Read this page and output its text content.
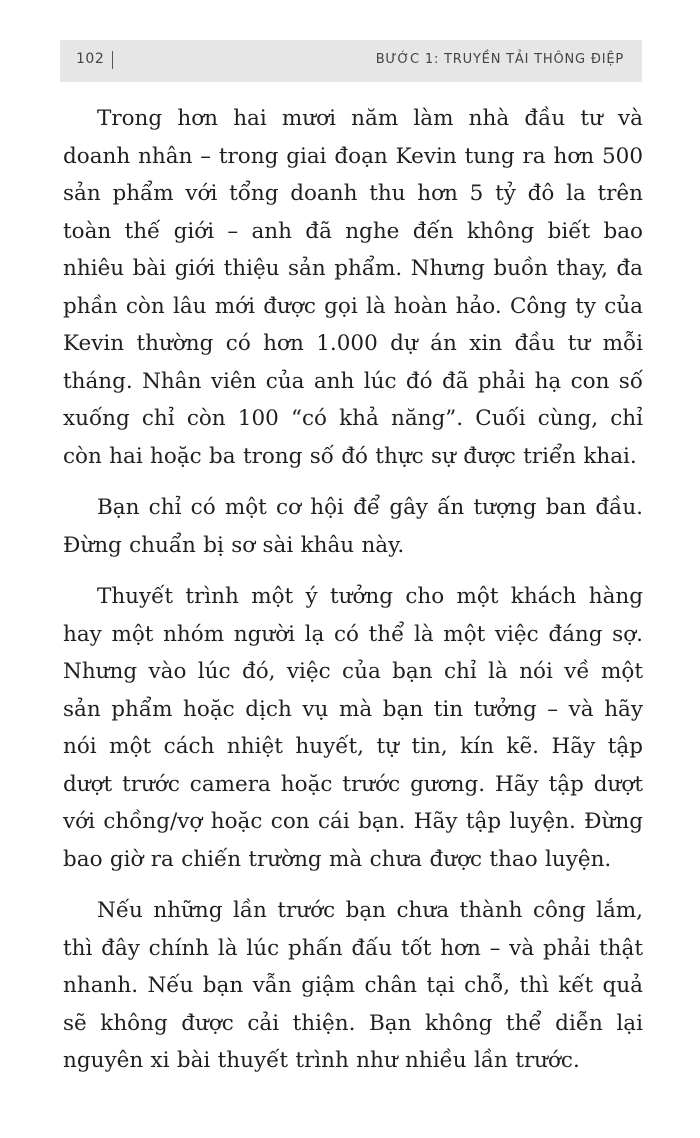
102	BƯỚC 1: TRUYỀN TẢI THÔNG ĐIỆP

Trong hơn hai mươi năm làm nhà đầu tư và doanh nhân – trong giai đoạn Kevin tung ra hơn 500 sản phẩm với tổng doanh thu hơn 5 tỷ đô la trên toàn thế giới – anh đã nghe đến không biết bao nhiêu bài giới thiệu sản phẩm. Nhưng buồn thay, đa phần còn lâu mới được gọi là hoàn hảo. Công ty của Kevin thường có hơn 1.000 dự án xin đầu tư mỗi tháng. Nhân viên của anh lúc đó đã phải hạ con số xuống chỉ còn 100 “có khả năng”. Cuối cùng, chỉ còn hai hoặc ba trong số đó thực sự được triển khai.

Bạn chỉ có một cơ hội để gây ấn tượng ban đầu. Đừng chuẩn bị sơ sài khâu này.

Thuyết trình một ý tưởng cho một khách hàng hay một nhóm người lạ có thể là một việc đáng sợ. Nhưng vào lúc đó, việc của bạn chỉ là nói về một sản phẩm hoặc dịch vụ mà bạn tin tưởng – và hãy nói một cách nhiệt huyết, tự tin, kín kẽ. Hãy tập dượt trước camera hoặc trước gương. Hãy tập dượt với chồng/vợ hoặc con cái bạn. Hãy tập luyện. Đừng bao giờ ra chiến trường mà chưa được thao luyện.

Nếu những lần trước bạn chưa thành công lắm, thì đây chính là lúc phấn đấu tốt hơn – và phải thật nhanh. Nếu bạn vẫn giậm chân tại chỗ, thì kết quả sẽ không được cải thiện. Bạn không thể diễn lại nguyên xi bài thuyết trình như nhiều lần trước.
